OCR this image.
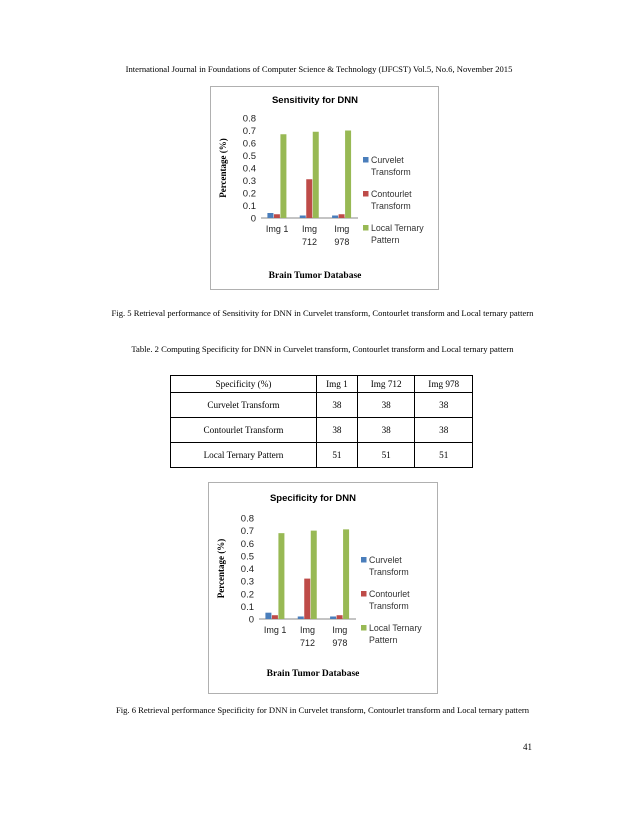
International Journal in Foundations of Computer Science & Technology (IJFCST) Vol.5, No.6, November 2015
Sensitivity for DNN
0
0.1
0.2
0.3
0.4
0.5
0.6
0.7
0.8
Percentage (%)
Img 1 Img
712
Img
978
Curvelet
Transform
Contourlet
Transform
Local Ternary
Pattern
Brain Tumor Database
Fig. 5 Retrieval performance of Sensitivity for DNN in Curvelet transform, Contourlet transform and Local ternary pattern
Table. 2 Computing Specificity for DNN in Curvelet transform, Contourlet transform and Local ternary pattern
Specificity (%)	Img 1	Img 712	Img 978
Curvelet Transform	38	38	38
Contourlet Transform	38	38	38
Local Ternary Pattern	51	51	51
Specificity for DNN
0
0.1
0.2
0.3
0.4
0.5
0.6
0.7
0.8
Percentage (%)
Img 1 Img
712
Img
978
Curvelet
Transform
Contourlet
Transform
Local Ternary
Pattern
Brain Tumor Database
Fig. 6 Retrieval performance Specificity for DNN in Curvelet transform, Contourlet transform and Local ternary pattern
41
